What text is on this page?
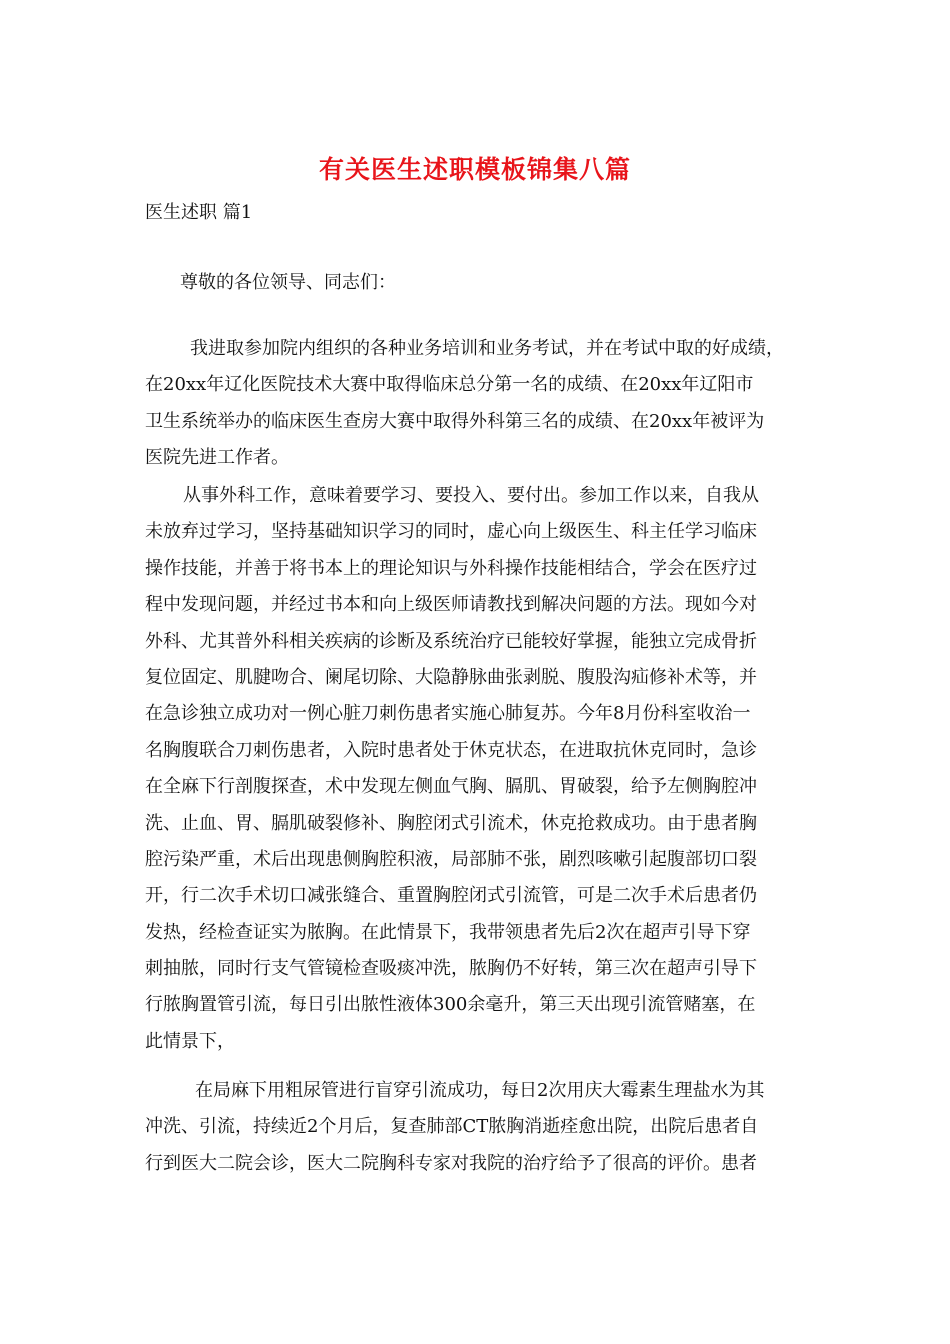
有关医生述职模板锦集八篇
医生述职 篇1
尊敬的各位领导、同志们：
我进取参加院内组织的各种业务培训和业务考试，并在考试中取的好成绩，
在20xx年辽化医院技术大赛中取得临床总分第一名的成绩、在20xx年辽阳市
卫生系统举办的临床医生查房大赛中取得外科第三名的成绩、在20xx年被评为
医院先进工作者。
从事外科工作，意味着要学习、要投入、要付出。参加工作以来，自我从
未放弃过学习，坚持基础知识学习的同时，虚心向上级医生、科主任学习临床
操作技能，并善于将书本上的理论知识与外科操作技能相结合，学会在医疗过
程中发现问题，并经过书本和向上级医师请教找到解决问题的方法。现如今对
外科、尤其普外科相关疾病的诊断及系统治疗已能较好掌握，能独立完成骨折
复位固定、肌腱吻合、阑尾切除、大隐静脉曲张剥脱、腹股沟疝修补术等，并
在急诊独立成功对一例心脏刀刺伤患者实施心肺复苏。今年8月份科室收治一
名胸腹联合刀刺伤患者，入院时患者处于休克状态，在进取抗休克同时，急诊
在全麻下行剖腹探查，术中发现左侧血气胸、膈肌、胃破裂，给予左侧胸腔冲
洗、止血、胃、膈肌破裂修补、胸腔闭式引流术，休克抢救成功。由于患者胸
腔污染严重，术后出现患侧胸腔积液，局部肺不张，剧烈咳嗽引起腹部切口裂
开，行二次手术切口减张缝合、重置胸腔闭式引流管，可是二次手术后患者仍
发热，经检查证实为脓胸。在此情景下，我带领患者先后2次在超声引导下穿
刺抽脓，同时行支气管镜检查吸痰冲洗，脓胸仍不好转，第三次在超声引导下
行脓胸置管引流，每日引出脓性液体300余毫升，第三天出现引流管赌塞，在
此情景下，
在局麻下用粗尿管进行盲穿引流成功，每日2次用庆大霉素生理盐水为其
冲洗、引流，持续近2个月后，复查肺部CT脓胸消逝痊愈出院，出院后患者自
行到医大二院会诊，医大二院胸科专家对我院的治疗给予了很高的评价。患者
